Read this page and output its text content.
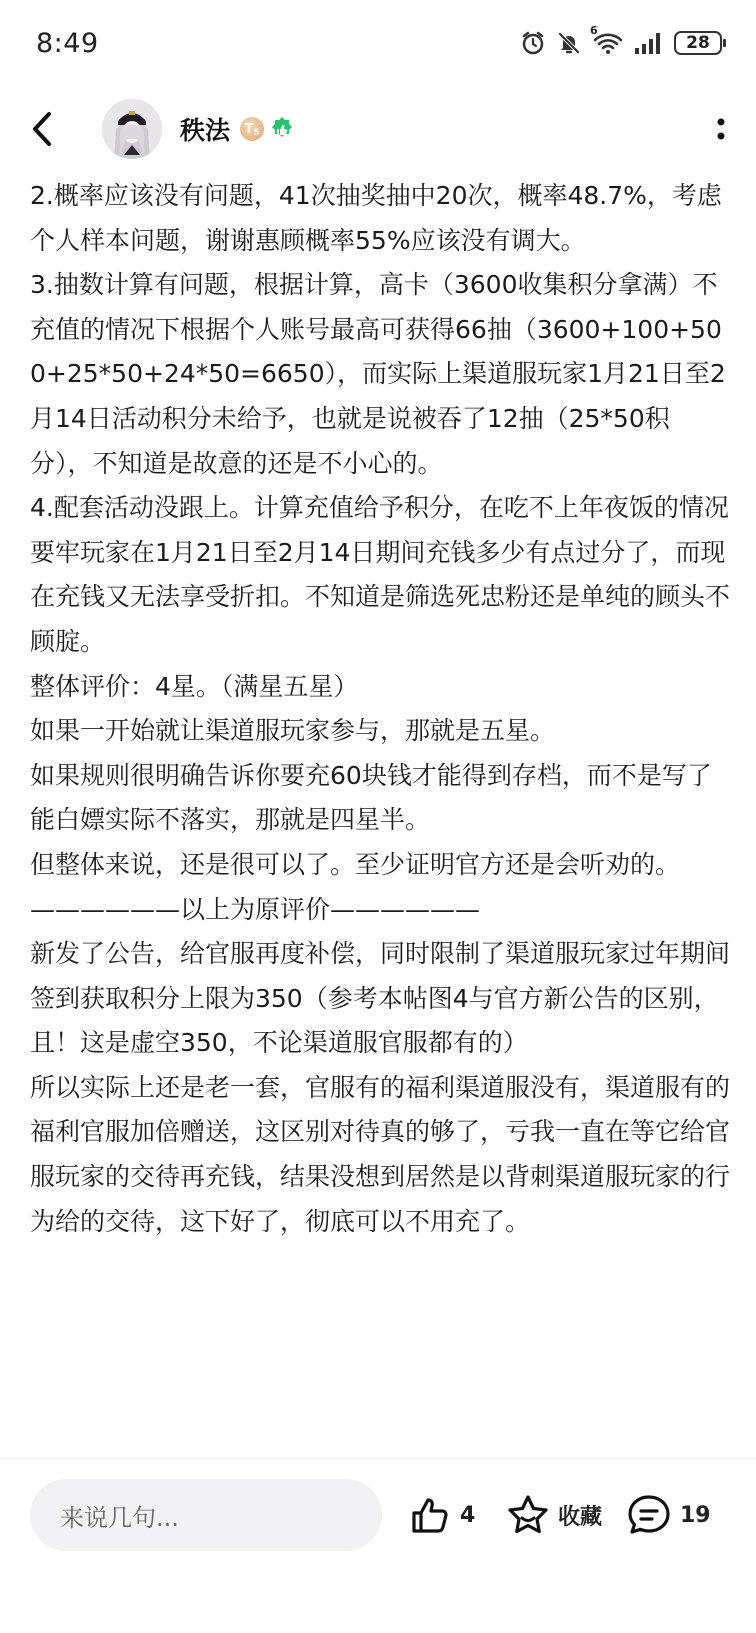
8:49	6
28
秩法 T 5

2.概率应该没有问题，41次抽奖抽中20次，概率48.7%，考虑个人样本问题，谢谢惠顾概率55%应该没有调大。

3.抽数计算有问题，根据计算，高卡（3600收集积分拿满）不充值的情况下根据个人账号最高可获得66抽（3600+100+500+25*50+24*50=6650），而实际上渠道服玩家1月21日至2月14日活动积分未给予，也就是说被吞了12抽（25*50积分），不知道是故意的还是不小心的。

4.配套活动没跟上。计算充值给予积分，在吃不上年夜饭的情况要牢玩家在1月21日至2月14日期间充钱多少有点过分了，而现在充钱又无法享受折扣。不知道是筛选死忠粉还是单纯的顾头不顾腚。

整体评价：4星。（满星五星）

如果一开始就让渠道服玩家参与，那就是五星。

如果规则很明确告诉你要充60块钱才能得到存档，而不是写了能白嫖实际不落实，那就是四星半。

但整体来说，还是很可以了。至少证明官方还是会听劝的。

——————以上为原评价——————

新发了公告，给官服再度补偿，同时限制了渠道服玩家过年期间签到获取积分上限为350（参考本帖图4与官方新公告的区别，且！这是虚空350，不论渠道服官服都有的）

所以实际上还是老一套，官服有的福利渠道服没有，渠道服有的福利官服加倍赠送，这区别对待真的够了，亏我一直在等它给官服玩家的交待再充钱，结果没想到居然是以背刺渠道服玩家的行为给的交待，这下好了，彻底可以不用充了。

来说几句...	4	收藏	19
